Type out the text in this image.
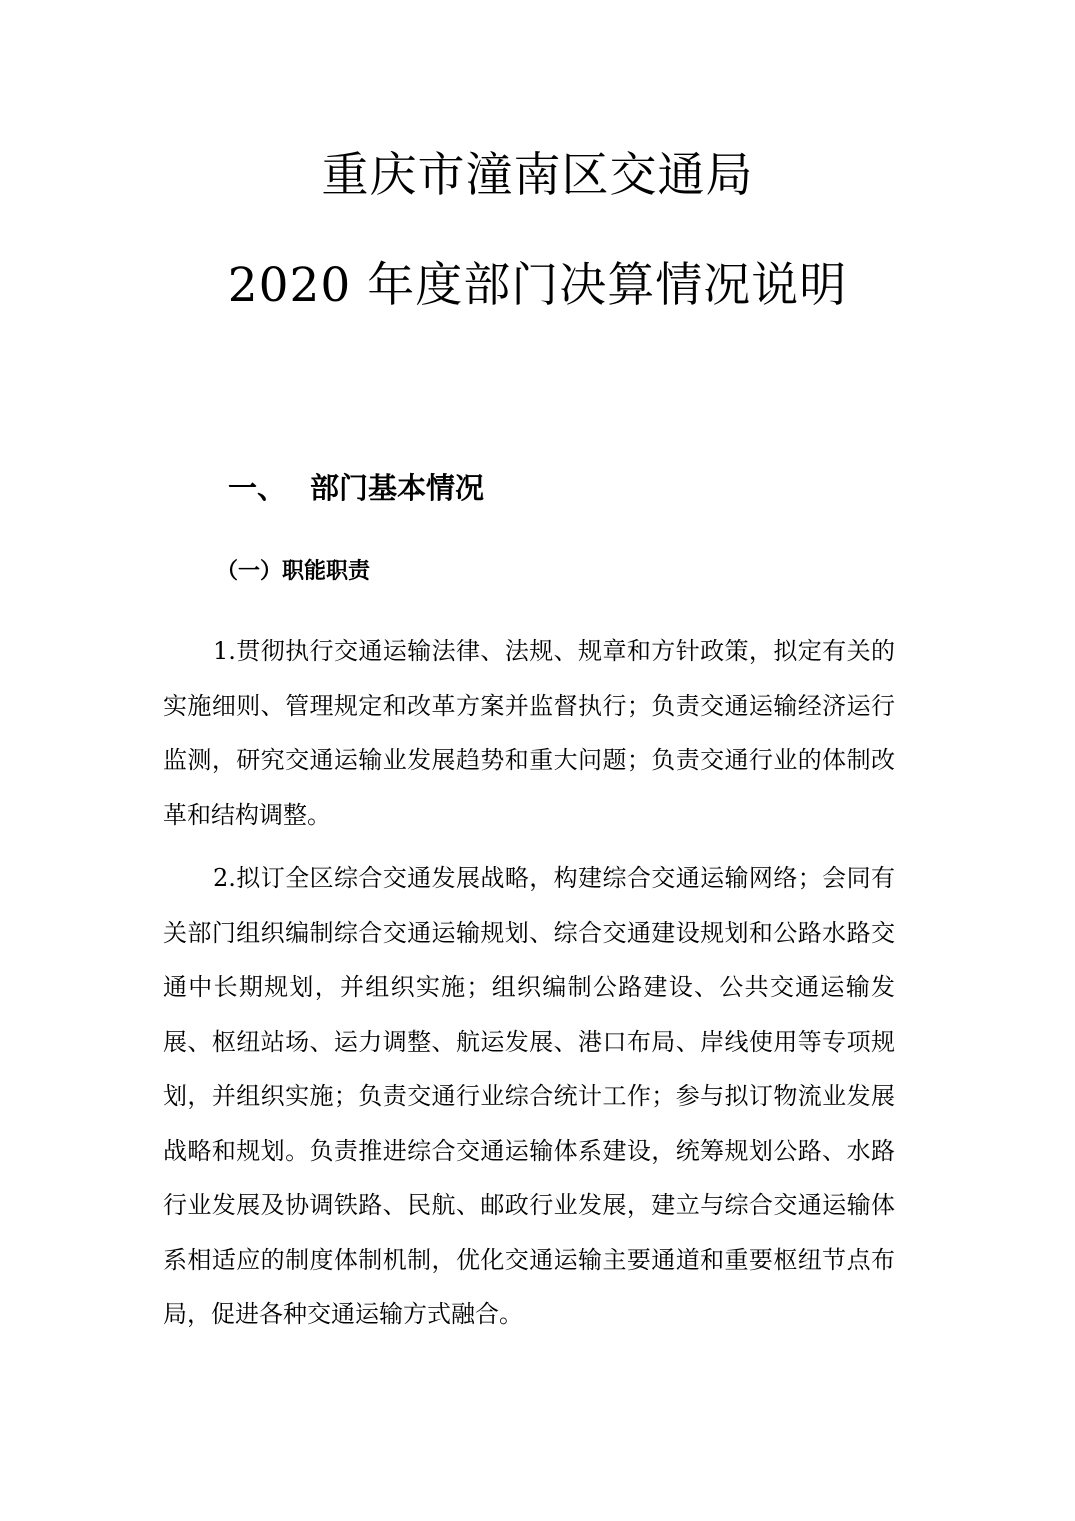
重庆市潼南区交通局
2020 年度部门决算情况说明
一、 部门基本情况
（一）职能职责

1.贯彻执行交通运输法律、法规、规章和方针政策，拟定有关的实施细则、管理规定和改革方案并监督执行；负责交通运输经济运行监测，研究交通运输业发展趋势和重大问题；负责交通行业的体制改革和结构调整。

2.拟订全区综合交通发展战略，构建综合交通运输网络；会同有关部门组织编制综合交通运输规划、综合交通建设规划和公路水路交通中长期规划，并组织实施；组织编制公路建设、公共交通运输发展、枢纽站场、运力调整、航运发展、港口布局、岸线使用等专项规划，并组织实施；负责交通行业综合统计工作；参与拟订物流业发展战略和规划。负责推进综合交通运输体系建设，统筹规划公路、水路行业发展及协调铁路、民航、邮政行业发展，建立与综合交通运输体系相适应的制度体制机制，优化交通运输主要通道和重要枢纽节点布局，促进各种交通运输方式融合。
